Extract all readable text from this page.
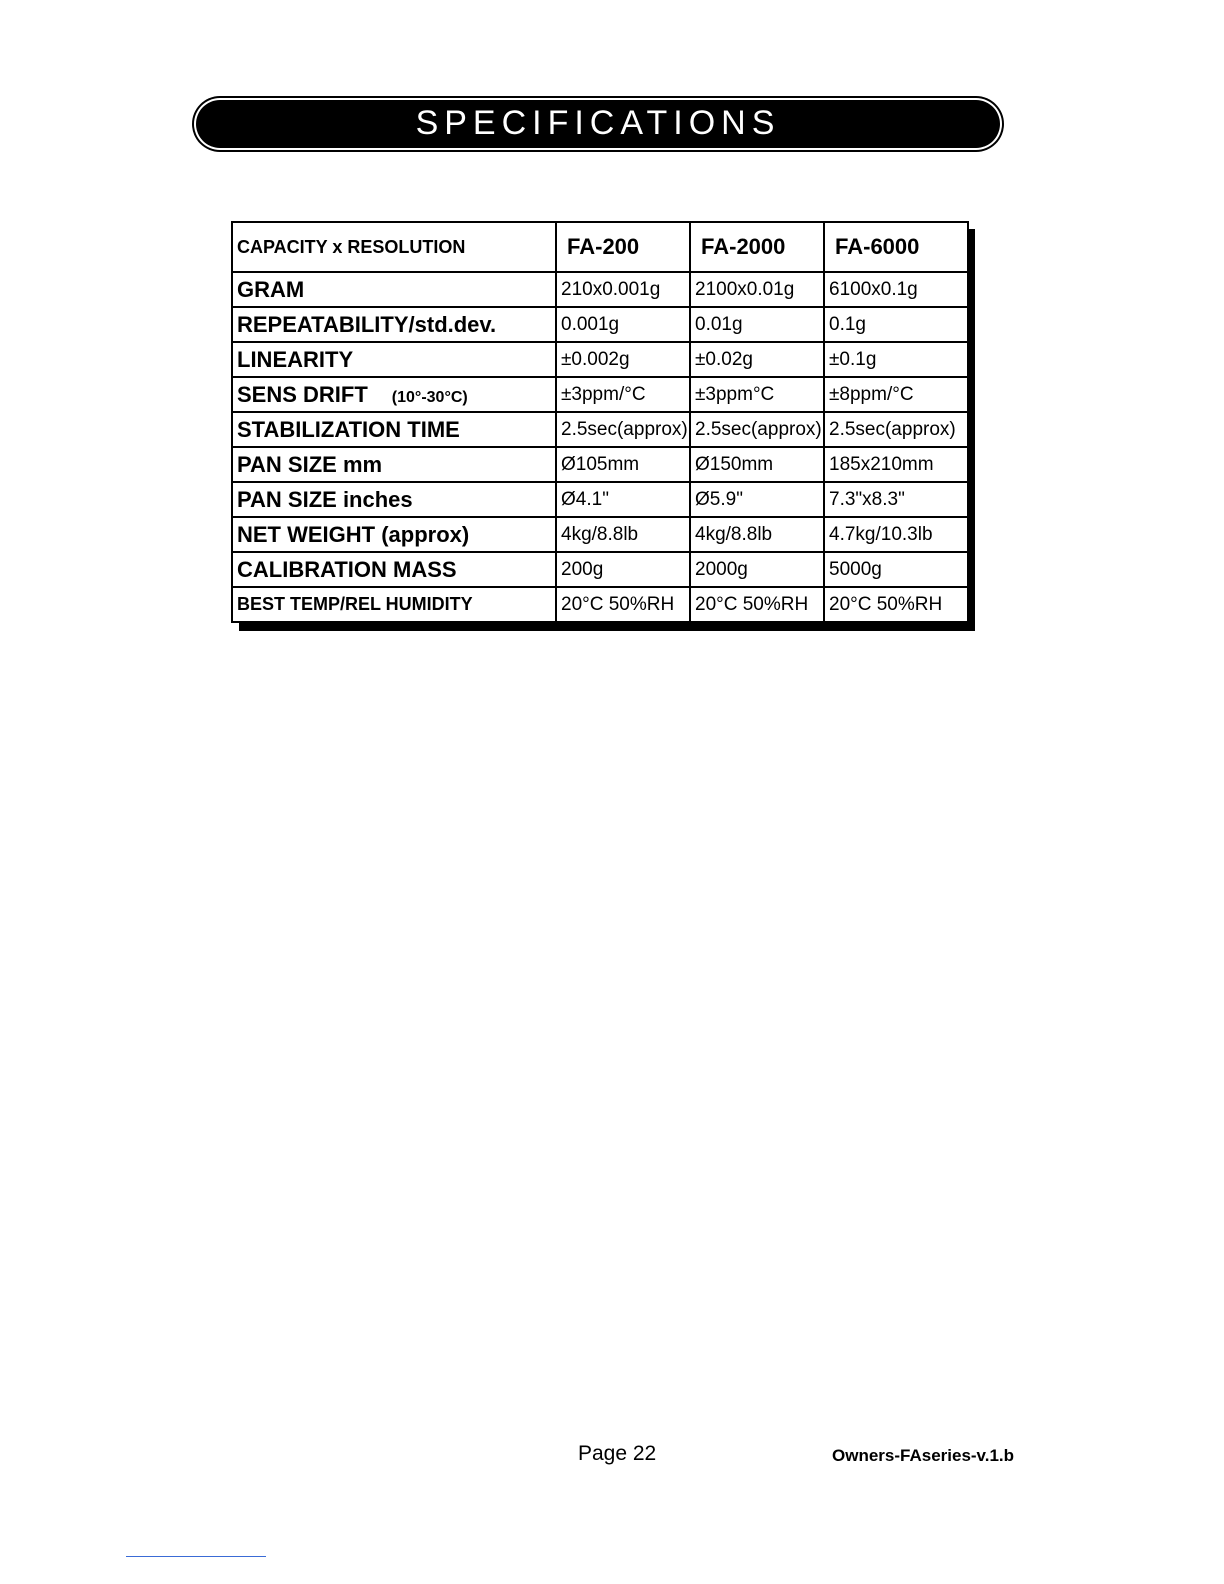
SPECIFICATIONS
CAPACITY x RESOLUTION	FA-200	FA-2000	FA-6000
GRAM	210x0.001g	2100x0.01g	6100x0.1g
REPEATABILITY/std.dev.	0.001g	0.01g	0.1g
LINEARITY	±0.002g	±0.02g	±0.1g
SENS DRIFT (10°-30°C)	±3ppm/°C	±3ppm°C	±8ppm/°C
STABILIZATION TIME	2.5sec(approx)	2.5sec(approx)	2.5sec(approx)
PAN SIZE mm	Ø105mm	Ø150mm	185x210mm
PAN SIZE inches	Ø4.1"	Ø5.9"	7.3"x8.3"
NET WEIGHT (approx)	4kg/8.8lb	4kg/8.8lb	4.7kg/10.3lb
CALIBRATION MASS	200g	2000g	5000g
BEST TEMP/REL HUMIDITY	20°C 50%RH	20°C 50%RH	20°C 50%RH
Page 22	Owners-FAseries-v.1.b
